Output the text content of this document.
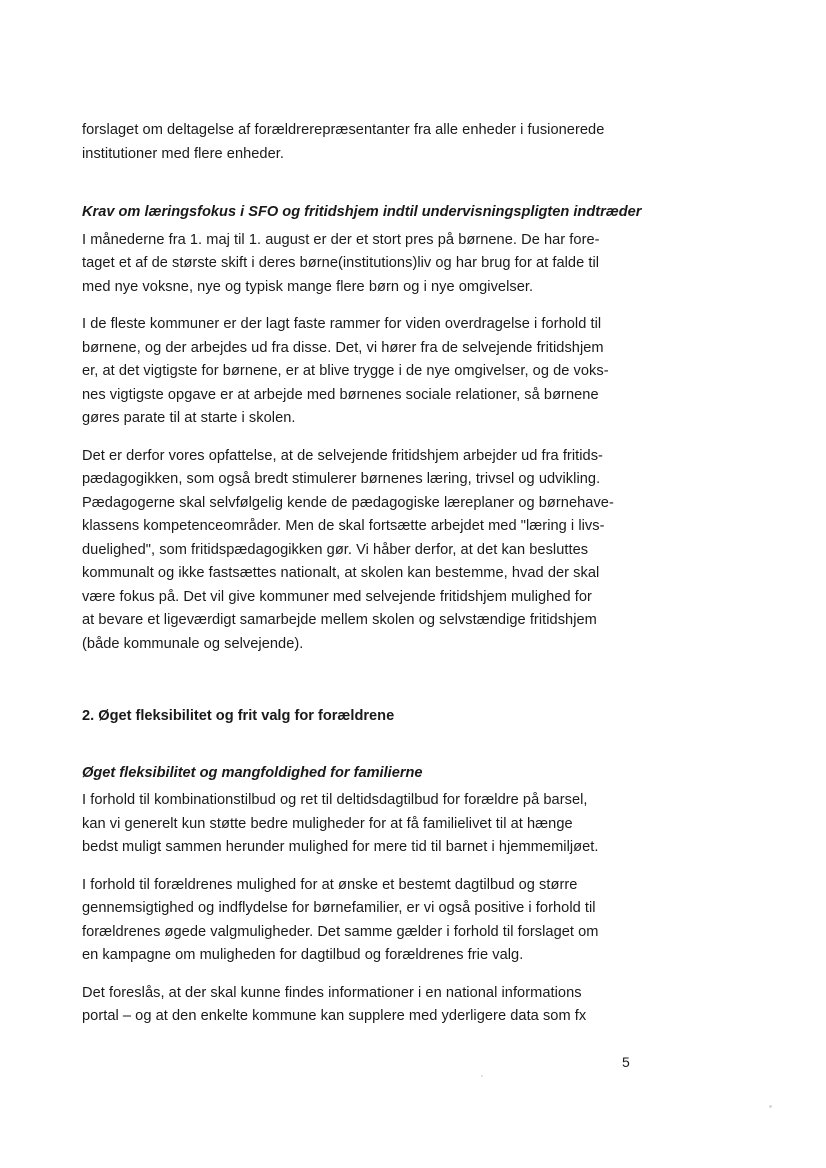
forslaget om deltagelse af forældrerepræsentanter fra alle enheder i fusionerede
institutioner med flere enheder.

Krav om læringsfokus i SFO og fritidshjem indtil undervisningspligten indtræder

I månederne fra 1. maj til 1. august er der et stort pres på børnene. De har fore-
taget et af de største skift i deres børne(institutions)liv og har brug for at falde til
med nye voksne, nye og typisk mange flere børn og i nye omgivelser.

I de fleste kommuner er der lagt faste rammer for viden overdragelse i forhold til
børnene, og der arbejdes ud fra disse. Det, vi hører fra de selvejende fritidshjem
er, at det vigtigste for børnene, er at blive trygge i de nye omgivelser, og de voks-
nes vigtigste opgave er at arbejde med børnenes sociale relationer, så børnene
gøres parate til at starte i skolen.

Det er derfor vores opfattelse, at de selvejende fritidshjem arbejder ud fra fritids-
pædagogikken, som også bredt stimulerer børnenes læring, trivsel og udvikling.
Pædagogerne skal selvfølgelig kende de pædagogiske læreplaner og børnehave-
klassens kompetenceområder. Men de skal fortsætte arbejdet med "læring i livs-
duelighed", som fritidspædagogikken gør. Vi håber derfor, at det kan besluttes
kommunalt og ikke fastsættes nationalt, at skolen kan bestemme, hvad der skal
være fokus på. Det vil give kommuner med selvejende fritidshjem mulighed for
at bevare et ligeværdigt samarbejde mellem skolen og selvstændige fritidshjem
(både kommunale og selvejende).

2. Øget fleksibilitet og frit valg for forældrene
Øget fleksibilitet og mangfoldighed for familierne

I forhold til kombinationstilbud og ret til deltidsdagtilbud for forældre på barsel,
kan vi generelt kun støtte bedre muligheder for at få familielivet til at hænge
bedst muligt sammen herunder mulighed for mere tid til barnet i hjemmemiljøet.

I forhold til forældrenes mulighed for at ønske et bestemt dagtilbud og større
gennemsigtighed og indflydelse for børnefamilier, er vi også positive i forhold til
forældrenes øgede valgmuligheder. Det samme gælder i forhold til forslaget om
en kampagne om muligheden for dagtilbud og forældrenes frie valg.

Det foreslås, at der skal kunne findes informationer i en national informations
portal – og at den enkelte kommune kan supplere med yderligere data som fx

5
